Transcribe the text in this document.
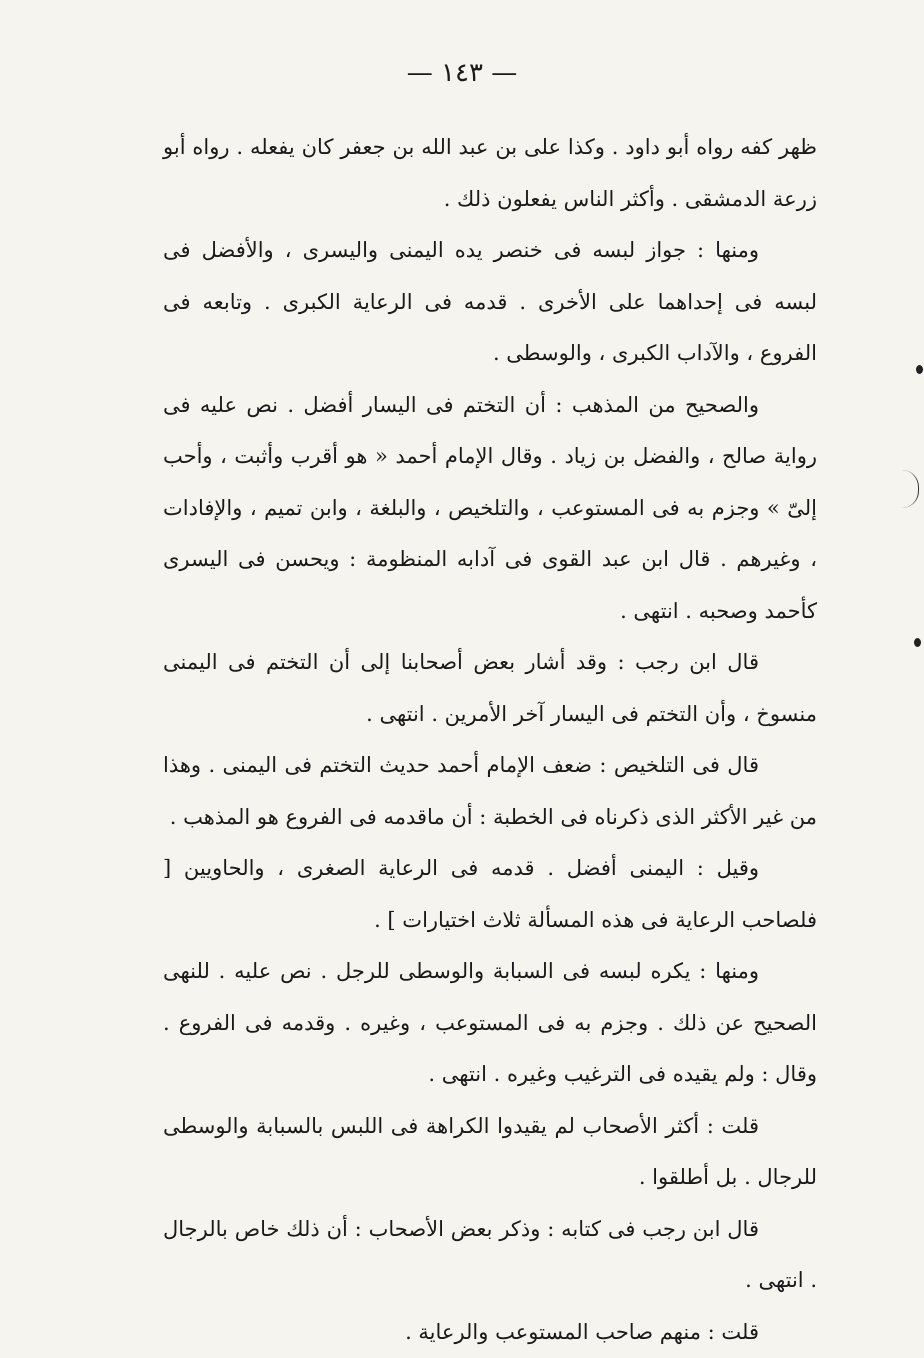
— ١٤٣ —

ظهر كفه رواه أبو داود . وكذا على بن عبد الله بن جعفر كان يفعله . رواه أبو زرعة الدمشقى . وأكثر الناس يفعلون ذلك .

ومنها : جواز لبسه فى خنصر يده اليمنى واليسرى ، والأفضل فى لبسه فى إحداهما على الأخرى . قدمه فى الرعاية الكبرى . وتابعه فى الفروع ، والآداب الكبرى ، والوسطى .

والصحيح من المذهب : أن التختم فى اليسار أفضل . نص عليه فى رواية صالح ، والفضل بن زياد . وقال الإمام أحمد « هو أقرب وأثبت ، وأحب إلىّ » وجزم به فى المستوعب ، والتلخيص ، والبلغة ، وابن تميم ، والإفادات ، وغيرهم . قال ابن عبد القوى فى آدابه المنظومة : ويحسن فى اليسرى كأحمد وصحبه . انتهى .

قال ابن رجب : وقد أشار بعض أصحابنا إلى أن التختم فى اليمنى منسوخ ، وأن التختم فى اليسار آخر الأمرين . انتهى .

قال فى التلخيص : ضعف الإمام أحمد حديث التختم فى اليمنى . وهذا من غير الأكثر الذى ذكرناه فى الخطبة : أن ماقدمه فى الفروع هو المذهب .

وقيل : اليمنى أفضل . قدمه فى الرعاية الصغرى ، والحاويين [ فلصاحب الرعاية فى هذه المسألة ثلاث اختيارات ] .

ومنها : يكره لبسه فى السبابة والوسطى للرجل . نص عليه . للنهى الصحيح عن ذلك . وجزم به فى المستوعب ، وغيره . وقدمه فى الفروع . وقال : ولم يقيده فى الترغيب وغيره . انتهى .

قلت : أكثر الأصحاب لم يقيدوا الكراهة فى اللبس بالسبابة والوسطى للرجال . بل أطلقوا .

قال ابن رجب فى كتابه : وذكر بعض الأصحاب : أن ذلك خاص بالرجال . انتهى .

قلت : منهم صاحب المستوعب والرعاية .
